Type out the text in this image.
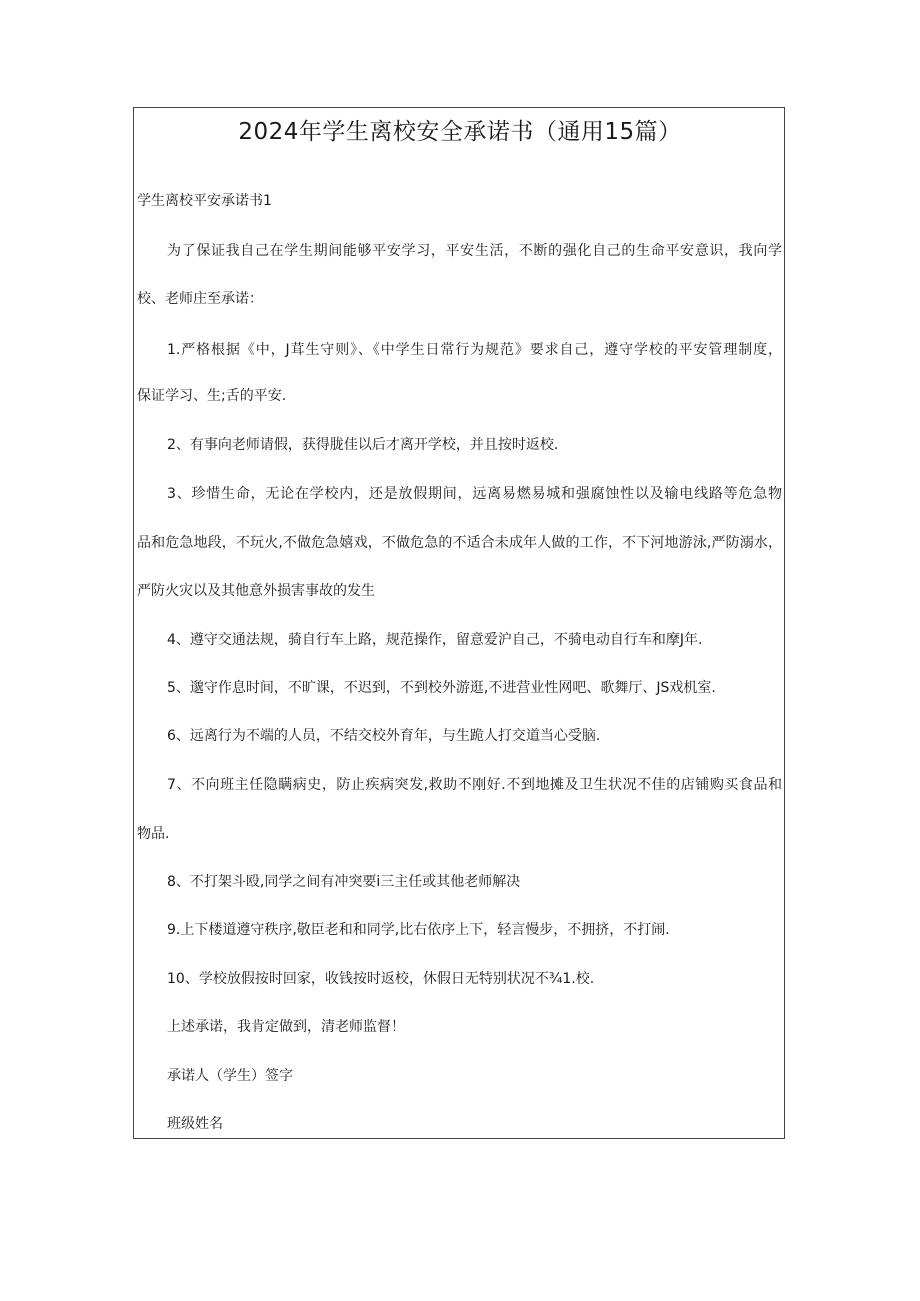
2024年学生离校安全承诺书（通用15篇）
学生离校平安承诺书1
为了保证我自己在学生期间能够平安学习，平安生活，不断的强化自己的生命平安意识，我向学
校、老师庄至承诺：
1.严格根据《中，J茸生守则》、《中学生日常行为规范》要求自己，遵守学校的平安管理制度，
保证学习、生;舌的平安.
2、有事向老师请假，获得胧佳以后才离开学校，并且按时返校.
3、珍惜生命，无论在学校内，还是放假期间，远离易燃易城和强腐蚀性以及输电线路等危急物
品和危急地段，不玩火,不做危急嬉戏，不做危急的不适合未成年人做的工作，不下河地游泳,严防溺水，
严防火灾以及其他意外损害事故的发生
4、遵守交通法规，骑自行车上路，规范操作，留意爱沪自己，不骑电动自行车和摩J年.
5、邈守作息时间，不旷课，不迟到，不到校外游逛,不进营业性网吧、歌舞厅、JS戏机室.
6、远离行为不端的人员，不结交校外育年，与生跪人打交道当心受脑.
7、不向班主任隐瞒病史，防止疾病突发,救助不刚好.不到地摊及卫生状况不佳的店铺购买食品和
物品.
8、不打架斗殴,同学之间有冲突要i三主任或其他老师解决
9.上下楼道遵守秩序,敬臣老和和同学,比右依序上下，轻言慢步，不拥挤，不打闹.
10、学校放假按时回家，收钱按时返校，休假日无特别状况不¾1.校.
上述承诺，我肯定做到，清老师监督！
承诺人（学生）签字
班级姓名
